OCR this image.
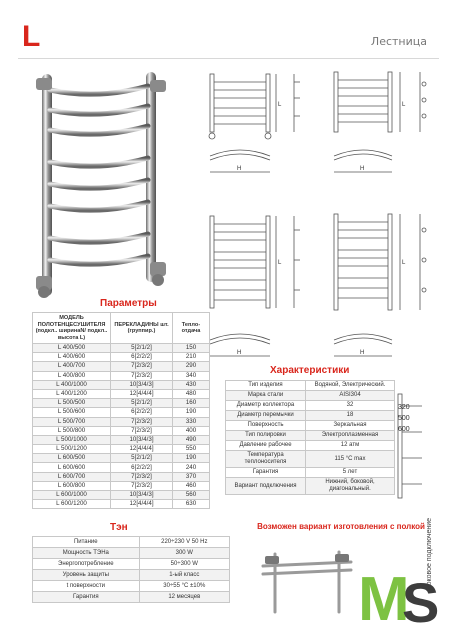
L	Лестница
H
L
H
L
H
L
H
L
Параметры
МОДЕЛЬ ПОЛОТЕНЦЕСУШИТЕЛЯ (подкл.. ширинаN/ подкл.. высота L)	ПЕРЕКЛАДИНЫ шт. (группир.)	Тепло- отдача
L 400/500	5[2/1/2]	150
L 400/600	6[2/2/2]	210
L 400/700	7[2/3/2]	290
L 400/800	7[2/3/2]	340
L 400/1000	10[3/4/3]	430
L 400/1200	12[4/4/4]	480
L 500/500	5[2/1/2]	160
L 500/600	6[2/2/2]	190
L 500/700	7[2/3/2]	330
L 500/800	7[2/3/2]	400
L 500/1000	10[3/4/3]	490
L 500/1200	12[4/4/4]	550
L 600/500	5[2/1/2]	190
L 600/600	6[2/2/2]	240
L 600/700	7[2/3/2]	370
L 600/800	7[2/3/2]	460
L 600/1000	10[3/4/3]	560
L 600/1200	12[4/4/4]	630
Характеристики
Тип изделия	Водяной, Электрический.
Марка стали	AISI304
Диаметр коллектора	32
Диаметр перемычки	18
Поверхность	Зеркальная
Тип полировки	Электроплазменная
Давление рабочее	12 атм
Температура теплоносителя	115 °С max
Гарантия	5 лет
Вариант подключения	Нижний, боковой, диагональный.
320
500
600
Боковое подключение
Тэн
Питание	220÷230 V 50 Hz
Мощность ТЭНа	300 W
Энергопотребление	50÷300 W
Уровень защиты	1-ый класс
t поверхности	30÷55 °C ±10%
Гарантия	12 месяцев
Возможен вариант изготовления с полкой
M
S
